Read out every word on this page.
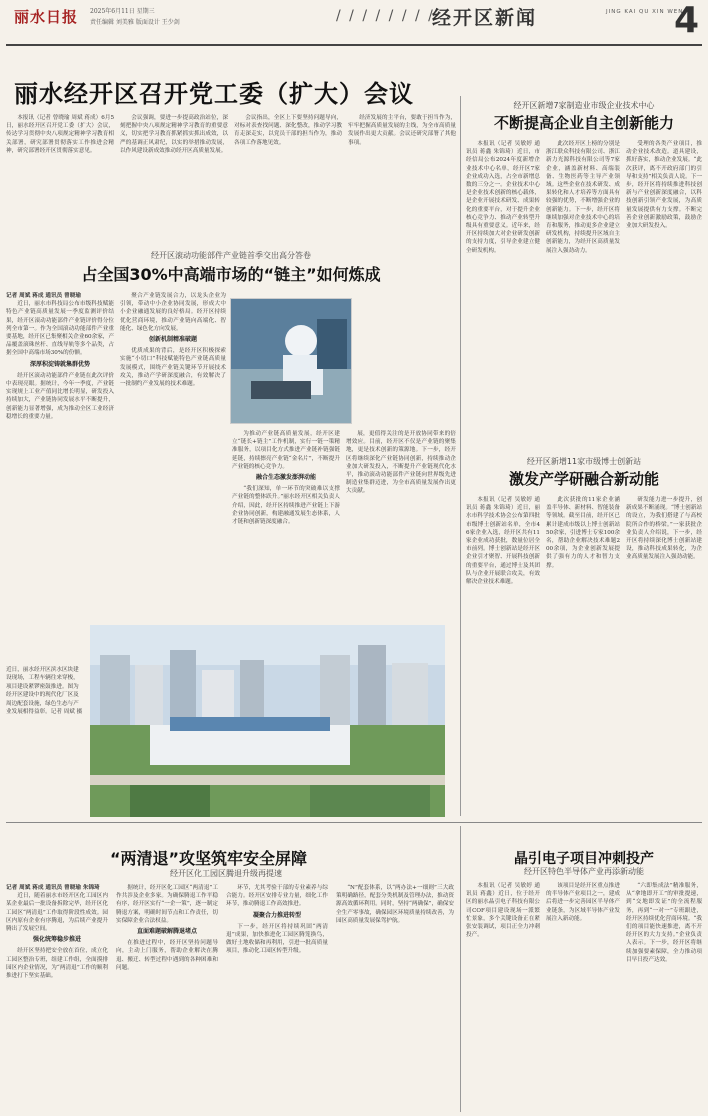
丽水日报 2025年6月11日 星期三
责任编辑 刘美雅 版面设计 王少剑	/ / / / / / / /
经开区新闻	JING KAI QU XIN WEN
4
丽水经开区召开党工委（扩大）会议

本报讯（记者 曾晓瑜 周斌 蒋成）6月5日，丽水经开区召开党工委（扩大）会议，传达学习贯彻中央八项规定精神学习教育相关部署，研究部署贯彻落实工作推进会精神，研究部署经开区贯彻落实意见。

会议强调，要进一步提高政治站位，深刻把握中央八项规定精神学习教育的重要意义，切实把学习教育抓紧抓实抓出成效，以严的基调正风肃纪，以实的举措推动发展，以作风建设新成效推动经开区高质量发展。

会议指出，全区上下要坚持问题导向，对标对表查找问题、深化整改，推动学习教育走深走实，以党员干部的担当作为，推动各项工作落地见效。

经济发展的主平台，要敢于担当作为，牢牢把握高质量发展的主线，为全市高质量发展作出更大贡献。会议还研究部署了其他事项。

经开区新增7家制造业市级企业技术中心
不断提高企业自主创新能力

本报讯（记者 吴敏婷 通讯员 蒋鑫 朱锦琦）近日，市经信局公布2024年度新增企业技术中心名单，经开区7家企业成功入选，占全市新增总数的三分之一。企业技术中心是企业技术创新的核心载体，是企业开展技术研发、成果转化的重要平台，对于提升企业核心竞争力、推动产业转型升级具有重要意义。近年来，经开区持续加大对企业研发创新的支持力度，引导企业建立健全研发机构。

此次经开区上榜的分别是浙江联众科技有限公司、浙江新力光源科技有限公司等7家企业，涵盖新材料、高端装备、生物医药等主导产业领域。这些企业在技术研发、成果转化和人才培养等方面具有较强的优势，不断增强企业的创新能力。下一步，经开区将继续加强对企业技术中心的培育和服务，推动更多企业建立研发机构，持续提升区域自主创新能力，为经开区高质量发展注入强劲动力。

受理的各类产业项目，推动企业技术改造。道具建设，抓好落实，推动企业发展。“此次获评，离不开政府部门的引导和支持”相关负责人说。下一步，经开区将持续推进科技创新与产业创新深度融合，以科技创新引领产业发展，为高质量发展提供有力支撑。不断完善企业创新激励政策，鼓励企业加大研发投入。

经开区滚动功能部件产业链首季交出高分答卷
占全国30%中高端市场的“链主”如何炼成

记者 周斌 蒋成 通讯员 曾晓瑜

近日，丽水市科技局公布市级科技赋能特色产业链高质量发展一季度监测评价结果，经开区滚动功能部件产业链评价得分位列全市第一。作为全国滚动功能部件产业重要基地，经开区已集聚相关企业60余家，产品覆盖滚珠丝杆、直线导轨等多个品类，占据全国中高端市场30%的份额。

深厚积淀铸就集群优势

经开区滚动功能部件产业链在此次评价中表现亮眼。据统计，今年一季度，产业链实现规上工业产值同比增长明显，研发投入持续加大，产业链协同发展水平不断提升，创新能力显著增强，成为推动全区工业经济稳增长的重要力量。

聚合产业链发展合力，以龙头企业为引领，带动中小企业协同发展，形成大中小企业融通发展的良好格局。经开区持续优化营商环境，推动产业链向高端化、智能化、绿色化方向发展。

创新机制精准破题

优质成果的背后，是经开区积极探索实施“小切口”科技赋能特色产业链高质量发展模式，围绕产业链关键环节开展技术攻关，推动产学研深度融合，有效解决了一批制约产业发展的技术难题。

为推动产业链高质量发展，经开区建立“链长+链主”工作机制，实行一链一策精准服务，以项目化方式推进产业链补链强链延链，持续擦亮产业链“金名片”，不断提升产业链的核心竞争力。

融合生态激发澎湃动能

“我们深知，单一环节的突破难以支撑产业链的整体跃升。”丽水经开区相关负责人介绍，因此，经开区持续推进产业链上下游企业协同创新，构建融通发展生态体系，人才链和创新链深度融合。

展，更值得关注的是开放协同带来的倍增效应。目前，经开区不仅是产业链的聚集地，更是技术创新的策源地。下一步，经开区将继续深化产业链协同创新，持续推动企业加大研发投入，不断提升产业链现代化水平，推动滚动功能部件产业链向世界级先进制造业集群迈进，为全市高质量发展作出更大贡献。

经开区新增11家市级博士创新站
激发产学研融合新动能

本报讯（记者 吴敏婷 通讯员 蒋鑫 朱锦琦）近日，丽水市科学技术协会公布第四批市级博士创新站名单，全市46家企业入选，经开区共有11家企业成功获批，数量位居全市前列。博士创新站是经开区企业引才聚智、开展科技创新的重要平台，通过博士及其团队与企业开展联合攻关，有效解决企业技术难题。

此次获批的11家企业涵盖半导体、新材料、智能装备等领域。截至目前，经开区已累计建成市级以上博士创新站50余家，引进博士专家100余名，帮助企业解决技术难题200余项，为企业创新发展提供了强有力的人才和智力支撑。

研发能力进一步提升，创新成果不断涌现。“博士创新站的设立，为我们搭建了与高校院所合作的桥梁。”一家获批企业负责人介绍说，下一步，经开区将持续深化博士创新站建设，推动科技成果转化，为企业高质量发展注入强劲动能。

近日，丽水经开区滨水区块建设现场，工程车辆往来穿梭，项目建设紧锣密鼓推进。图为经开区建设中的现代化厂区及周边配套设施，绿色生态与产业发展相得益彰。记者 周斌 摄
“两清退”攻坚筑牢安全屏障
经开区化工园区腾退升级再提速

记者 周斌 蒋成 通讯员 曾晓瑜 朱锦琦

近日，随着丽水市经开区化工园区内某企业最后一批设备拆除完毕，经开区化工园区“两清退”工作取得阶段性成效。园区内原有企业有序腾退，为后续产业提升腾出了发展空间。

强化统筹稳步推进

经开区坚持把安全放在首位，成立化工园区整治专班，组建工作组，全面摸排园区内企业情况，为“两清退”工作的顺利推进打下坚实基础。

据统计，经开区化工园区“两清退”工作共涉及企业多家。为确保腾退工作平稳有序，经开区实行“一企一策”，逐一制定腾退方案，明确时间节点和工作责任，切实保障企业合法权益。

直面难题破解腾退堵点

在推进过程中，经开区坚持问题导向，主动上门服务，帮助企业解决在腾退、搬迁、转型过程中遇到的各种困难和问题。

环节，尤其考验干部的专业素养与综合能力。经开区安排专业力量，细化工作环节，推动腾退工作高效推进。

凝聚合力推进转型

下一步，经开区将持续巩固“两清退”成果，加快推进化工园区腾笼换鸟，做好土地收储和再利用，引进一批高质量项目，推动化工园区转型升级。

“N”配套体系，以“两办法+一细则”三大政策明确路径，配套分类机制及管理办法，推动资源高效循环利用。同时，坚持“两确保”，确保安全生产零事故，确保园区环境质量持续改善，为园区高质量发展保驾护航。

晶引电子项目冲刺投产
经开区特色半导体产业再添新动能

本报讯（记者 吴敏婷 通讯员 蒋鑫）近日，位于经开区的丽水晶引电子科技有限公司COF项目建设现场一派繁忙景象，多个关键设备正在紧张安装调试，项目正全力冲刺投产。

该项目是经开区重点推进的半导体产业项目之一，建成后将进一步完善园区半导体产业链条，为区域半导体产业发展注入新动能。

“六即集成法”精准服务，从“拿地即开工”的审批提速，到“交地即发证”的全流程服务，再到“一对一”专班跟进，经开区持续优化营商环境。“我们的项目能快速推进，离不开经开区的大力支持。”企业负责人表示。下一步，经开区将继续加强要素保障，全力推动项目早日投产达效。
